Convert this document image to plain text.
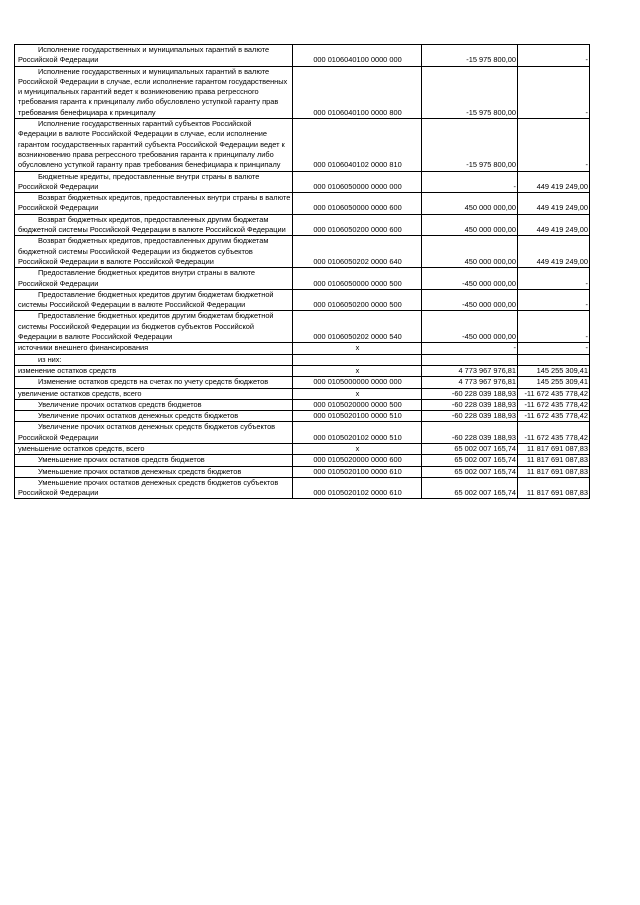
Исполнение государственных и муниципальных гарантий в валюте Российской Федерации	000 0106040100 0000 000	-15 975 800,00	-

Исполнение государственных и муниципальных гарантий в валюте Российской Федерации в случае, если исполнение гарантом государственных и муниципальных гарантий ведет к возникновению права регрессного требования гаранта к принципалу либо обусловлено уступкой гаранту прав требования бенефициара к принципалу	000 0106040100 0000 800	-15 975 800,00	-

Исполнение государственных гарантий субъектов Российской Федерации в валюте Российской Федерации в случае, если исполнение гарантом государственных гарантий субъекта Российской Федерации ведет к возникновению права регрессного требования гаранта к принципалу либо обусловлено уступкой гаранту прав требования бенефициара к принципалу	000 0106040102 0000 810	-15 975 800,00	-

Бюджетные кредиты, предоставленные внутри страны в валюте Российской Федерации	000 0106050000 0000 000	-	449 419 249,00

Возврат бюджетных кредитов, предоставленных внутри страны в валюте Российской Федерации	000 0106050000 0000 600	450 000 000,00	449 419 249,00

Возврат бюджетных кредитов, предоставленных другим бюджетам бюджетной системы Российской Федерации в валюте Российской Федерации	000 0106050200 0000 600	450 000 000,00	449 419 249,00

Возврат бюджетных кредитов, предоставленных другим бюджетам бюджетной системы Российской Федерации из бюджетов субъектов Российской Федерации в валюте Российской Федерации	000 0106050202 0000 640	450 000 000,00	449 419 249,00

Предоставление бюджетных кредитов внутри страны в валюте Российской Федерации	000 0106050000 0000 500	-450 000 000,00	-

Предоставление бюджетных кредитов другим бюджетам бюджетной системы Российской Федерации в валюте Российской Федерации	000 0106050200 0000 500	-450 000 000,00	-

Предоставление бюджетных кредитов другим бюджетам бюджетной системы Российской Федерации из бюджетов субъектов Российской Федерации в валюте Российской Федерации	000 0106050202 0000 540	-450 000 000,00	-

источники внешнего финансирования	x	-	-

из них:			

изменение остатков средств	x	4 773 967 976,81	145 255 309,41

Изменение остатков средств на счетах по учету средств бюджетов	000 0105000000 0000 000	4 773 967 976,81	145 255 309,41

увеличение остатков средств, всего	x	-60 228 039 188,93	-11 672 435 778,42

Увеличение прочих остатков средств бюджетов	000 0105020000 0000 500	-60 228 039 188,93	-11 672 435 778,42

Увеличение прочих остатков денежных средств бюджетов	000 0105020100 0000 510	-60 228 039 188,93	-11 672 435 778,42

Увеличение прочих остатков денежных средств бюджетов субъектов Российской Федерации	000 0105020102 0000 510	-60 228 039 188,93	-11 672 435 778,42

уменьшение остатков средств, всего	x	65 002 007 165,74	11 817 691 087,83

Уменьшение прочих остатков средств бюджетов	000 0105020000 0000 600	65 002 007 165,74	11 817 691 087,83

Уменьшение прочих остатков денежных средств бюджетов	000 0105020100 0000 610	65 002 007 165,74	11 817 691 087,83

Уменьшение прочих остатков денежных средств бюджетов субъектов Российской Федерации	000 0105020102 0000 610	65 002 007 165,74	11 817 691 087,83
